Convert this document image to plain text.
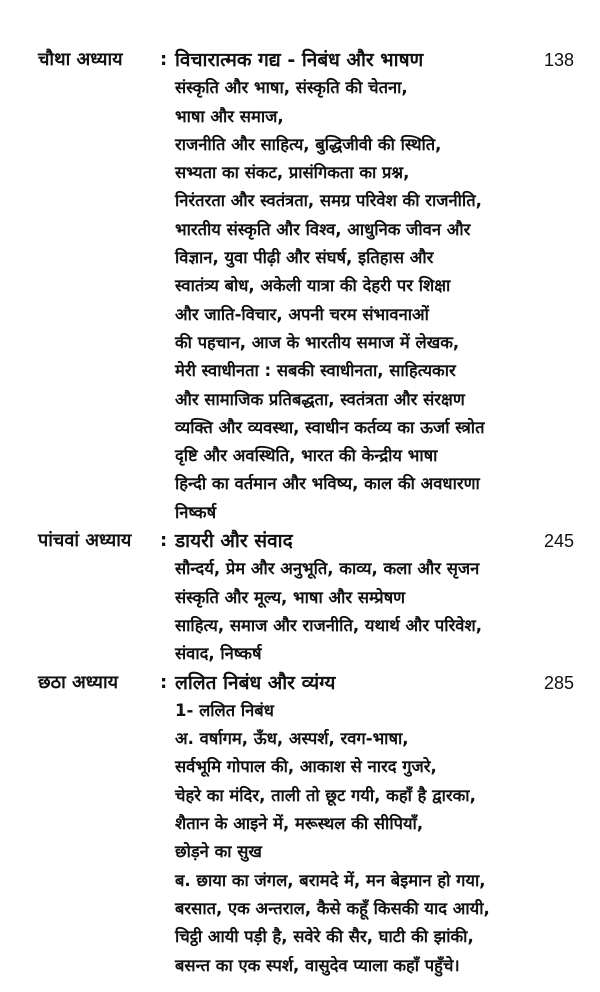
चौथा अध्याय : विचारात्मक गद्य - निबंध और भाषण	138
संस्कृति और भाषा, संस्कृति की चेतना,
भाषा और समाज,
राजनीति और साहित्य, बुद्धिजीवी की स्थिति,
सभ्यता का संकट, प्रासंगिकता का प्रश्न,
निरंतरता और स्वतंत्रता, समग्र परिवेश की राजनीति,
भारतीय संस्कृति और विश्व, आधुनिक जीवन और
विज्ञान, युवा पीढ़ी और संघर्ष, इतिहास और
स्वातंत्र्य बोध, अकेली यात्रा की देहरी पर शिक्षा
और जाति-विचार, अपनी चरम संभावनाओं
की पहचान, आज के भारतीय समाज में लेखक,
मेरी स्वाधीनता : सबकी स्वाधीनता, साहित्यकार
और सामाजिक प्रतिबद्धता, स्वतंत्रता और संरक्षण
व्यक्ति और व्यवस्था, स्वाधीन कर्तव्य का ऊर्जा स्त्रोत
दृष्टि और अवस्थिति, भारत की केन्द्रीय भाषा
हिन्दी का वर्तमान और भविष्य, काल की अवधारणा
निष्कर्ष
पांचवां अध्याय : डायरी और संवाद	245
सौन्दर्य, प्रेम और अनुभूति, काव्य, कला और सृजन
संस्कृति और मूल्य, भाषा और सम्प्रेषण
साहित्य, समाज और राजनीति, यथार्थ और परिवेश,
संवाद, निष्कर्ष
छठा अध्याय : ललित निबंध और व्यंग्य	285
1- ललित निबंध
अ. वर्षागम, ऊँध, अस्पर्श, रवग-भाषा,
सर्वभूमि गोपाल की, आकाश से नारद गुजरे,
चेहरे का मंदिर, ताली तो छूट गयी, कहाँ है द्वारका,
शैतान के आइने में, मरूस्थल की सीपियाँ,
छोड़ने का सुख
ब. छाया का जंगल, बरामदे में, मन बेइमान हो गया,
बरसात, एक अन्तराल, कैसे कहूँ किसकी याद आयी,
चिट्ठी आयी पड़ी है, सवेरे की सैर, घाटी की झांकी,
बसन्त का एक स्पर्श, वासुदेव प्याला कहाँ पहुँचे।
